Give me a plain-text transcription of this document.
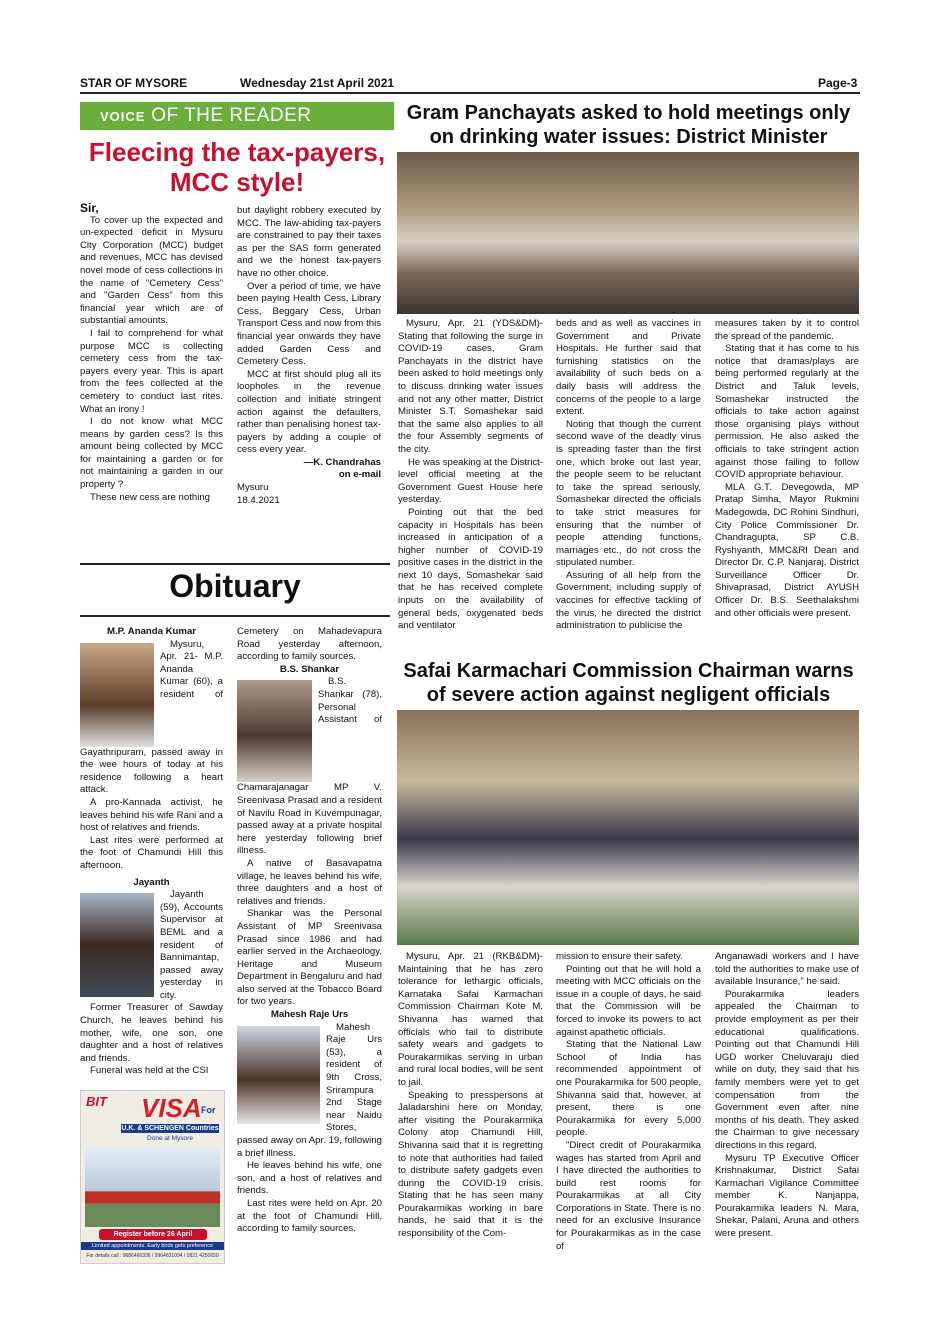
STAR OF MYSORE	Wednesday 21st April 2021	Page-3
VOICE OF THE READER
Fleecing the tax-payers,
MCC style!
Sir,

To cover up the expected and un-expected deficit in Mysuru City Corporation (MCC) budget and revenues, MCC has devised novel mode of cess collections in the name of "Cemetery Cess" and "Garden Cess" from this financial year which are of substantial amounts.

I fail to comprehend for what purpose MCC is collecting cemetery cess from the tax-payers every year. This is apart from the fees collected at the cemetery to conduct last rites. What an irony !

I do not know what MCC means by garden cess? Is this amount being collected by MCC for maintaining a garden or for not maintaining a garden in our property ?

These new cess are nothing

but daylight robbery executed by MCC. The law-abiding tax-payers are constrained to pay their taxes as per the SAS form generated and we the honest tax-payers have no other choice.

Over a period of time, we have been paying Health Cess, Library Cess, Beggary Cess, Urban Transport Cess and now from this financial year onwards they have added Garden Cess and Cemetery Cess.

MCC at first should plug all its loopholes in the revenue collection and initiate stringent action against the defaulters, rather than penalising honest tax-payers by adding a couple of cess every year.

—K. Chandrahas
on e-mail
Mysuru
18.4.2021
Obituary
M.P. Ananda Kumar

Mysuru, Apr. 21- M.P. Ananda Kumar (60), a resident of Gayathripuram, passed away in the wee hours of today at his residence following a heart attack.

A pro-Kannada activist, he leaves behind his wife Rani and a host of relatives and friends.

Last rites were performed at the foot of Chamundi Hill this afternoon.

Jayanth

Jayanth (59), Accounts Supervisor at BEML and a resident of Bannimantap, passed away yesterday in city.

Former Treasurer of Sawday Church, he leaves behind his mother, wife, one son, one daughter and a host of relatives and friends.

Funeral was held at the CSI

Cemetery on Mahadevapura Road yesterday afternoon, according to family sources.

B.S. Shankar

B.S. Shankar (78), Personal Assistant of Chamarajanagar MP V. Sreenivasa Prasad and a resident of Navilu Road in Kuvempunagar, passed away at a private hospital here yesterday following brief illness.

A native of Basavapatna village, he leaves behind his wife, three daughters and a host of relatives and friends.

Shankar was the Personal Assistant of MP Sreenivasa Prasad since 1986 and had earlier served in the Archaeology, Heritage and Museum Department in Bengaluru and had also served at the Tobacco Board for two years.

Mahesh Raje Urs

Mahesh Raje Urs (53), a resident of 9th Cross, Srirampura 2nd Stage near Naidu Stores, passed away on Apr. 19, following a brief illness.

He leaves behind his wife, one son, and a host of relatives and friends.

Last rites were held on Apr. 20 at the foot of Chamundi Hill, according to family sources.

BIT VISA For
U.K. & SCHENGEN Countries
Done at Mysore
Register before 26 April
Limited appointments. Early birds gets preference
For details call : 9686466336 / 9964631094 / 0821 4250650
Gram Panchayats asked to hold meetings only
on drinking water issues: District Minister

Mysuru, Apr. 21 (YDS&DM)- Stating that following the surge in COVID-19 cases, Gram Panchayats in the district have been asked to hold meetings only to discuss drinking water issues and not any other matter, District Minister S.T. Somashekar said that the same also applies to all the four Assembly segments of the city.

He was speaking at the District-level official meeting at the Government Guest House here yesterday.

Pointing out that the bed capacity in Hospitals has been increased in anticipation of a higher number of COVID-19 positive cases in the district in the next 10 days, Somashekar said that he has received complete inputs on the availability of general beds, oxygenated beds and ventilator

beds and as well as vaccines in Government and Private Hospitals. He further said that furnishing statistics on the availability of such beds on a daily basis will address the concerns of the people to a large extent.

Noting that though the current second wave of the deadly virus is spreading faster than the first one, which broke out last year, the people seem to be reluctant to take the spread seriously, Somashekar directed the officials to take strict measures for ensuring that the number of people attending functions, marriages etc., do not cross the stipulated number.

Assuring of all help from the Government, including supply of vaccines for effective tackling of the virus, he directed the district administration to publicise the

measures taken by it to control the spread of the pandemic.

Stating that it has come to his notice that dramas/plays are being performed regularly at the District and Taluk levels, Somashekar instructed the officials to take action against those organising plays without permission. He also asked the officials to take stringent action against those failing to follow COVID appropriate behaviour.

MLA G.T. Devegowda, MP Pratap Simha, Mayor Rukmini Madegowda, DC Rohini Sindhuri, City Police Commissioner Dr. Chandragupta, SP C.B. Ryshyanth, MMC&RI Dean and Director Dr. C.P. Nanjaraj, District Surveillance Officer Dr. Shivaprasad, District AYUSH Officer Dr. B.S. Seethalakshmi and other officials were present.

Safai Karmachari Commission Chairman warns
of severe action against negligent officials

Mysuru, Apr. 21 (RKB&DM)- Maintaining that he has zero tolerance for lethargic officials, Karnataka Safai Karmachari Commission Chairman Kote M. Shivanna has warned that officials who fail to distribute safety wears and gadgets to Pourakarmikas serving in urban and rural local bodies, will be sent to jail.

Speaking to presspersons at Jaladarshini here on Monday, after visiting the Pourakarmika Colony atop Chamundi Hill, Shivanna said that it is regretting to note that authorities had failed to distribute safety gadgets even during the COVID-19 crisis. Stating that he has seen many Pourakarmikas working in bare hands, he said that it is the responsibility of the Com-

mission to ensure their safety.

Pointing out that he will hold a meeting with MCC officials on the issue in a couple of days, he said that the Commission will be forced to invoke its powers to act against apathetic officials.

Stating that the National Law School of India has recommended appointment of one Pourakarmika for 500 people, Shivanna said that, however, at present, there is one Pourakarmika for every 5,000 people.

"Direct credit of Pourakarmika wages has started from April and I have directed the authorities to build rest rooms for Pourakarmikas at all City Corporations in State. There is no need for an exclusive Insurance for Pourakarmikas as in the case of

Anganawadi workers and I have told the authorities to make use of available Insurance," he said.

Pourakarmika leaders appealed the Chairman to provide employment as per their educational qualifications. Pointing out that Chamundi Hill UGD worker Cheluvaraju died while on duty, they said that his family members were yet to get compensation from the Government even after nine months of his death. They asked the Chairman to give necessary directions in this regard.

Mysuru TP Executive Officer Krishnakumar, District Safai Karmachari Vigilance Committee member K. Nanjappa, Pourakarmika leaders N. Mara, Shekar, Palani, Aruna and others were present.
